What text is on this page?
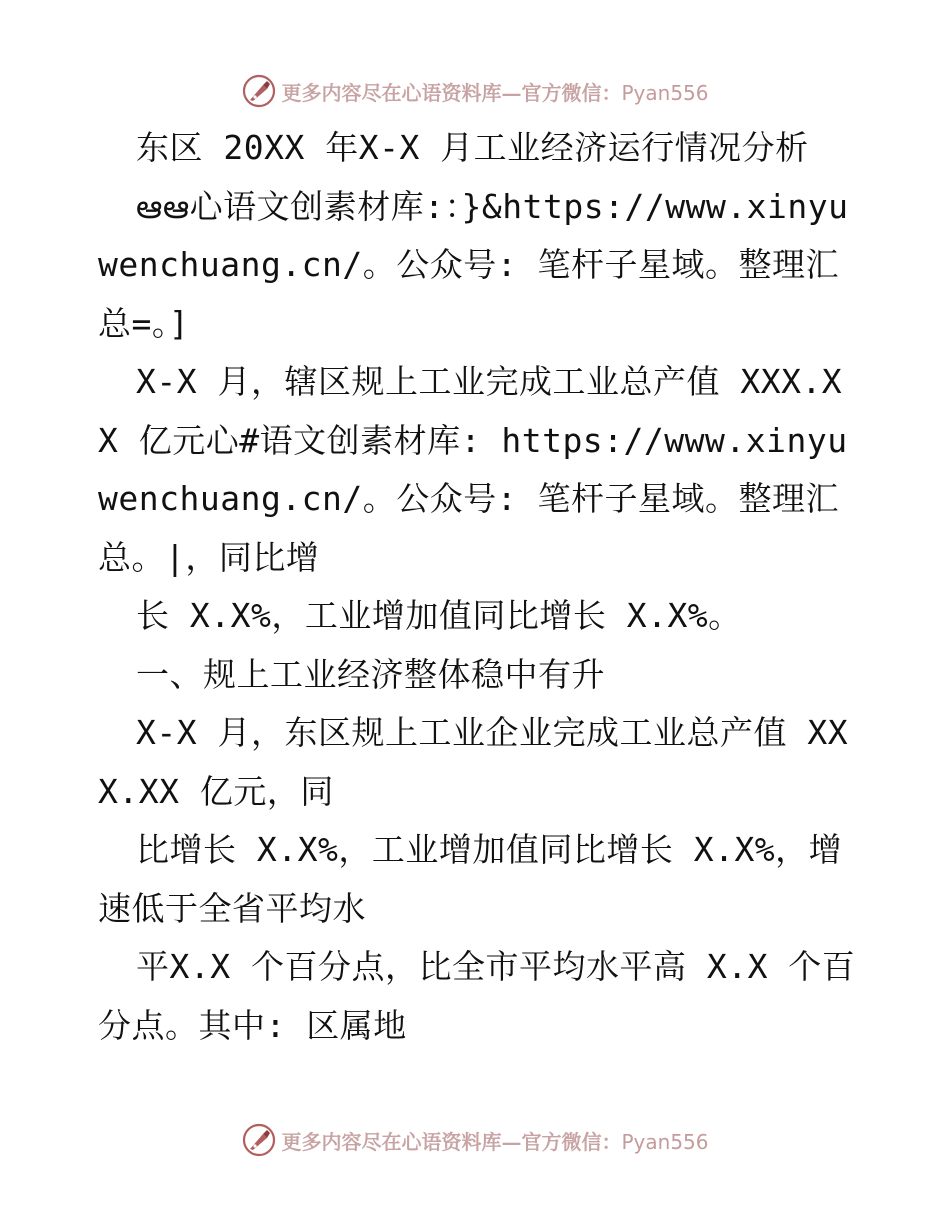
更多内容尽在心语资料库—官方微信：Pyan556

东区 20XX 年X-X 月工业经济运行情况分析

ఆఆ心语文创素材库:：}&https://www.xinyuwenchuang.cn/。公众号: 笔杆子星域。整理汇总=。]

X-X 月，辖区规上工业完成工业总产值 XXX.XX 亿元心#语文创素材库: https://www.xinyuwenchuang.cn/。公众号: 笔杆子星域。整理汇总。|，同比增

长 X.X%，工业增加值同比增长 X.X%。

一、规上工业经济整体稳中有升

X-X 月，东区规上工业企业完成工业总产值 XXX.XX 亿元，同

比增长 X.X%，工业增加值同比增长 X.X%，增速低于全省平均水

平X.X 个百分点，比全市平均水平高 X.X 个百分点。其中: 区属地

更多内容尽在心语资料库—官方微信：Pyan556
